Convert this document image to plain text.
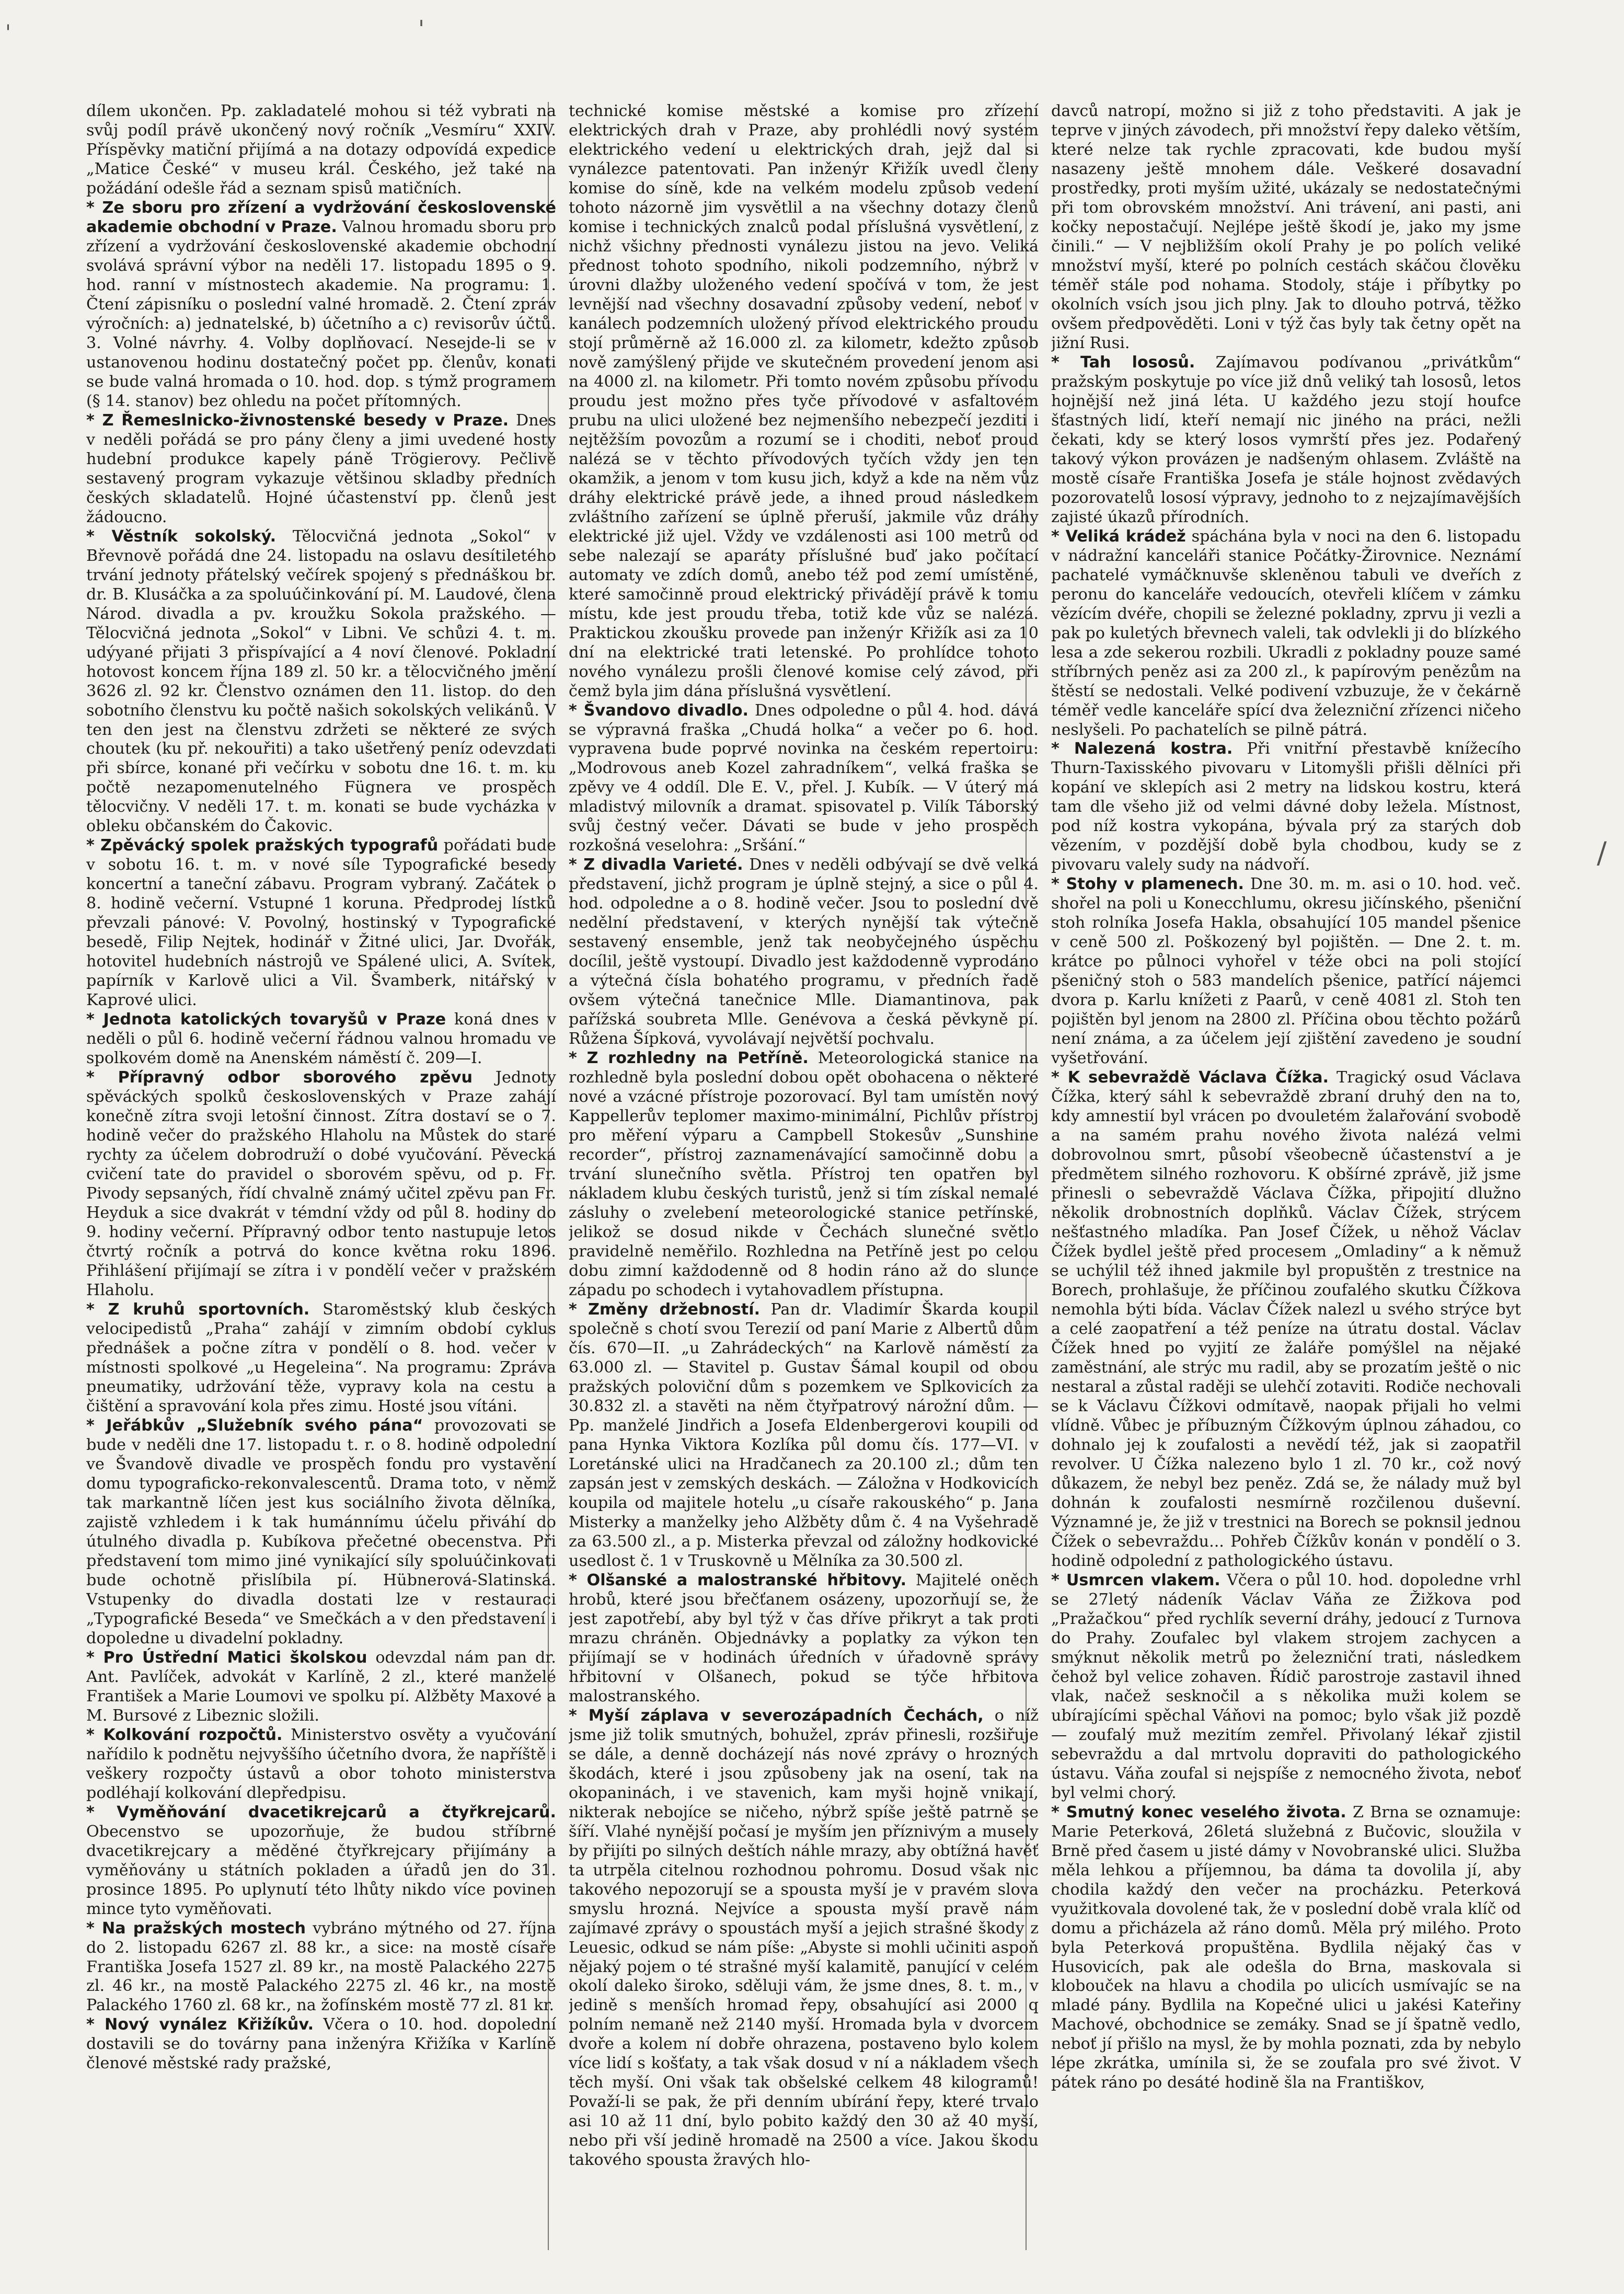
'	'
/

dílem ukončen. Pp. zakladatelé mohou si též vybrati na svůj podíl právě ukončený nový ročník „Vesmíru“ XXIV. Příspěvky matiční přijímá a na dotazy odpovídá expedice „Matice České“ v museu král. Českého, jež také na požádání odešle řád a seznam spisů matičních.

* Ze sboru pro zřízení a vydržování československé akademie obchodní v Praze. Valnou hromadu sboru pro zřízení a vydržování československé akademie obchodní svolává správní výbor na neděli 17. listopadu 1895 o 9. hod. ranní v místnostech akademie. Na programu: 1. Čtení zápisníku o poslední valné hromadě. 2. Čtení zpráv výročních: a) jednatelské, b) účetního a c) revisorův účtů. 3. Volné návrhy. 4. Volby doplňovací. Nesejde-li se v ustanovenou hodinu dostatečný počet pp. členův, konati se bude valná hromada o 10. hod. dop. s týmž programem (§ 14. stanov) bez ohledu na počet přítomných.

* Z Řemeslnicko-živnostenské besedy v Praze. Dnes v neděli pořádá se pro pány členy a jimi uvedené hosty hudební produkce kapely páně Trögierovy. Pečlivě sestavený program vykazuje většinou skladby předních českých skladatelů. Hojné účastenství pp. členů jest žádoucno.

* Věstník sokolský. Tělocvičná jednota „Sokol“ v Břevnově pořádá dne 24. listopadu na oslavu desítiletého trvání jednoty přátelský večírek spojený s přednáškou br. dr. B. Klusáčka a za spoluúčinkování pí. M. Laudové, člena Národ. divadla a pv. kroužku Sokola pražského. — Tělocvičná jednota „Sokol“ v Libni. Ve schůzi 4. t. m. udýyané přijati 3 přispívající a 4 noví členové. Pokladní hotovost koncem října 189 zl. 50 kr. a tělocvičného jmění 3626 zl. 92 kr. Členstvo oznámen den 11. listop. do den sobotního členstvu ku počtě našich sokolských velikánů. V ten den jest na členstvu zdržeti se některé ze svých choutek (ku př. nekouřiti) a tako ušetřený peníz odevzdati při sbírce, konané při večírku v sobotu dne 16. t. m. ku počtě nezapomenutelného Fügnera ve prospěch tělocvičny. V neděli 17. t. m. konati se bude vycházka v obleku občanském do Čakovic.

* Zpěvácký spolek pražských typografů pořádati bude v sobotu 16. t. m. v nové síle Typografické besedy koncertní a taneční zábavu. Program vybraný. Začátek o 8. hodině večerní. Vstupné 1 koruna. Předprodej lístků převzali pánové: V. Povolný, hostinský v Typografické besedě, Filip Nejtek, hodinář v Žitné ulici, Jar. Dvořák, hotovitel hudebních nástrojů ve Spálené ulici, A. Svítek, papírník v Karlově ulici a Vil. Švamberk, nitářský v Kaprové ulici.

* Jednota katolických tovaryšů v Praze koná dnes v neděli o půl 6. hodině večerní řádnou valnou hromadu ve spolkovém domě na Anenském náměstí č. 209—I.

* Přípravný odbor sborového zpěvu Jednoty spěváckých spolků československých v Praze zahájí konečně zítra svoji letošní činnost. Zítra dostaví se o 7. hodině večer do pražského Hlaholu na Můstek do staré rychty za účelem dobrodruží o dobé vyučování. Pěvecká cvičení tate do pravidel o sborovém spěvu, od p. Fr. Pivody sepsaných, řídí chvalně známý učitel zpěvu pan Fr. Heyduk a sice dvakrát v témdní vždy od půl 8. hodiny do 9. hodiny večerní. Přípravný odbor tento nastupuje letos čtvrtý ročník a potrvá do konce května roku 1896. Přihlášení přijímají se zítra i v pondělí večer v pražském Hlaholu.

* Z kruhů sportovních. Staroměstský klub českých velocipedistů „Praha“ zahájí v zimním období cyklus přednášek a počne zítra v pondělí o 8. hod. večer v místnosti spolkové „u Hegeleina“. Na programu: Zpráva pneumatiky, udržování těže, vypravy kola na cestu a čištění a spravování kola přes zimu. Hosté jsou vítáni.

* Jeřábkův „Služebník svého pána“ provozovati se bude v neděli dne 17. listopadu t. r. o 8. hodině odpolední ve Švandově divadle ve prospěch fondu pro vystavění domu typograficko-rekonvalescentů. Drama toto, v němž tak markantně líčen jest kus sociálního života dělníka, zajistě vzhledem i k tak humánnímu účelu přiváhí do útulného divadla p. Kubíkova přečetné obecenstva. Při představení tom mimo jiné vynikající síly spoluúčinkovati bude ochotně přislíbila pí. Hübnerová-Slatinská. Vstupenky do divadla dostati lze v restauraci „Typografické Beseda“ ve Smečkách a v den představení i dopoledne u divadelní pokladny.

* Pro Ústřední Matici školskou odevzdal nám pan dr. Ant. Pavlíček, advokát v Karlíně, 2 zl., které manželé František a Marie Loumovi ve spolku pí. Alžběty Maxové a M. Bursové z Libeznic složili.

* Kolkování rozpočtů. Ministerstvo osvěty a vyučování nařídilo k podnětu nejvyššího účetního dvora, že napříště i veškery rozpočty ústavů a obor tohoto ministerstva podléhají kolkování dlepředpisu.

* Vyměňování dvacetikrejcarů a čtyřkrejcarů. Obecenstvo se upozorňuje, že budou stříbrné dvacetikrejcary a měděné čtyřkrejcary přijímány a vyměňovány u státních pokladen a úřadů jen do 31. prosince 1895. Po uplynutí této lhůty nikdo více povinen mince tyto vyměňovati.

* Na pražských mostech vybráno mýtného od 27. října do 2. listopadu 6267 zl. 88 kr., a sice: na mostě císaře Františka Josefa 1527 zl. 89 kr., na mostě Palackého 2275 zl. 46 kr., na mostě Palackého 2275 zl. 46 kr., na mostě Palackého 1760 zl. 68 kr., na žofínském mostě 77 zl. 81 kr.

* Nový vynález Křižíkův. Včera o 10. hod. dopolední dostavili se do továrny pana inženýra Křižíka v Karlíně členové městské rady pražské,

technické komise městské a komise pro zřízení elektrických drah v Praze, aby prohlédli nový systém elektrického vedení u elektrických drah, jejž dal si vynálezce patentovati. Pan inženýr Křižík uvedl členy komise do síně, kde na velkém modelu způsob vedení tohoto názorně jim vysvětlil a na všechny dotazy členů komise i technických znalců podal příslušná vysvětlení, z nichž všichny přednosti vynálezu jistou na jevo. Veliká přednost tohoto spodního, nikoli podzemního, nýbrž v úrovni dlažby uloženého vedení spočívá v tom, že jest levnější nad všechny dosavadní způsoby vedení, neboť v kanálech podzemních uložený přívod elektrického proudu stojí průměrně až 16.000 zl. za kilometr, kdežto způsob nově zamýšlený přijde ve skutečném provedení jenom asi na 4000 zl. na kilometr. Při tomto novém způsobu přívodu proudu jest možno přes tyče přívodové v asfaltovém prubu na ulici uložené bez nejmenšího nebezpečí jezditi i nejtěžším povozům a rozumí se i choditi, neboť proud nalézá se v těchto přívodových tyčích vždy jen ten okamžik, a jenom v tom kusu jich, když a kde na něm vůz dráhy elektrické právě jede, a ihned proud následkem zvláštního zařízení se úplně přeruší, jakmile vůz dráhy elektrické již ujel. Vždy ve vzdálenosti asi 100 metrů od sebe nalezají se aparáty příslušné buď jako počítací automaty ve zdích domů, anebo též pod zemí umístěné, které samočinně proud elektrický přivádějí právě k tomu místu, kde jest proudu třeba, totiž kde vůz se nalézá. Praktickou zkoušku provede pan inženýr Křižík asi za 10 dní na elektrické trati letenské. Po prohlídce tohoto nového vynálezu prošli členové komise celý závod, při čemž byla jim dána příslušná vysvětlení.

* Švandovo divadlo. Dnes odpoledne o půl 4. hod. dává se výpravná fraška „Chudá holka“ a večer po 6. hod. vypravena bude poprvé novinka na českém repertoiru: „Modrovous aneb Kozel zahradníkem“, velká fraška se zpěvy ve 4 oddíl. Dle E. V., přel. J. Kubík. — V úterý má mladistvý milovník a dramat. spisovatel p. Vilík Táborský svůj čestný večer. Dávati se bude v jeho prospěch rozkošná veselohra: „Sršání.“

* Z divadla Varieté. Dnes v neděli odbývají se dvě velká představení, jichž program je úplně stejný, a sice o půl 4. hod. odpoledne a o 8. hodině večer. Jsou to poslední dvě nedělní představení, v kterých nynější tak výtečně sestavený ensemble, jenž tak neobyčejného úspěchu docílil, ještě vystoupí. Divadlo jest každodenně vyprodáno a výtečná čísla bohatého programu, v předních řadě ovšem výtečná tanečnice Mlle. Diamantinova, pak pařížská soubreta Mlle. Genévova a česká pěvkyně pí. Růžena Šípková, vyvolávají největší pochvalu.

* Z rozhledny na Petříně. Meteorologická stanice na rozhledně byla poslední dobou opět obohacena o některé nové a vzácné přístroje pozorovací. Byl tam umístěn nový Kappellerův teplomer maximo-minimální, Pichlův přístroj pro měření výparu a Campbell Stokesův „Sunshine recorder“, přístroj zaznamenávající samočinně dobu a trvání slunečního světla. Přístroj ten opatřen byl nákladem klubu českých turistů, jenž si tím získal nemalé zásluhy o zvelebení meteorologické stanice petřínské, jelikož se dosud nikde v Čechách slunečné světlo pravidelně neměřilo. Rozhledna na Petříně jest po celou dobu zimní každodenně od 8 hodin ráno až do slunce západu po schodech i vytahovadlem přístupna.

* Změny držebností. Pan dr. Vladimír Škarda koupil společně s chotí svou Terezií od paní Marie z Albertů dům čís. 670—II. „u Zahrádeckých“ na Karlově náměstí za 63.000 zl. — Stavitel p. Gustav Šámal koupil od obou pražských poloviční dům s pozemkem ve Splkovicích za 30.832 zl. a stavěti na něm čtyřpatrový nárožní dům. — Pp. manželé Jindřich a Josefa Eldenbergerovi koupili od pana Hynka Viktora Kozlíka půl domu čís. 177—VI. v Loretánské ulici na Hradčanech za 20.100 zl.; dům ten zapsán jest v zemských deskách. — Záložna v Hodkovicích koupila od majitele hotelu „u císaře rakouského“ p. Jana Misterky a manželky jeho Alžběty dům č. 4 na Vyšehradě za 63.500 zl., a p. Misterka převzal od záložny hodkovické usedlost č. 1 v Truskovně u Mělníka za 30.500 zl.

* Olšanské a malostranské hřbitovy. Majitelé oněch hrobů, které jsou břečťanem osázeny, upozorňují se, že jest zapotřebí, aby byl týž v čas dříve přikryt a tak proti mrazu chráněn. Objednávky a poplatky za výkon ten přijímají se v hodinách úředních v úřadovně správy hřbitovní v Olšanech, pokud se týče hřbitova malostranského.

* Myší záplava v severozápadních Čechách, o níž jsme již tolik smutných, bohužel, zpráv přinesli, rozšiřuje se dále, a denně docházejí nás nové zprávy o hrozných škodách, které i jsou způsobeny jak na osení, tak na okopaninách, i ve stavenich, kam myši hojně vnikají, nikterak nebojíce se ničeho, nýbrž spíše ještě patrně se šíří. Vlahé nynější počasí je myším jen příznivým a musely by přijíti po silných deštích náhle mrazy, aby obtížná havěť ta utrpěla citelnou rozhodnou pohromu. Dosud však nic takového nepozorují se a spousta myší je v pravém slova smyslu hrozná. Nejvíce a spousta myší pravě nám zajímavé zprávy o spoustách myší a jejich strašné škody z Leuesic, odkud se nám píše: „Abyste si mohli učiniti aspoň nějaký pojem o té strašné myší kalamitě, panující v celém okolí daleko široko, sděluji vám, že jsme dnes, 8. t. m., v jedině s menších hromad řepy, obsahující asi 2000 q polním nemaně než 2140 myší. Hromada byla v dvorcem dvoře a kolem ní dobře ohrazena, postaveno bylo kolem více lidí s košťaty, a tak však dosud v ní a nákladem všech těch myší. Oni však tak obšelské celkem 48 kilogramů! Považí-li se pak, že při denním ubírání řepy, které trvalo asi 10 až 11 dní, bylo pobito každý den 30 až 40 myší, nebo při vší jedině hromadě na 2500 a více. Jakou škodu takového spousta žravých hlo-

davců natropí, možno si již z toho představiti. A jak je teprve v jiných závodech, při množství řepy daleko větším, které nelze tak rychle zpracovati, kde budou myší nasazeny ještě mnohem dále. Veškeré dosavadní prostředky, proti myším užité, ukázaly se nedostatečnými při tom obrovském množství. Ani trávení, ani pasti, ani kočky nepostačují. Nejlépe ještě škodí je, jako my jsme činili.“ — V nejbližším okolí Prahy je po polích veliké množství myší, které po polních cestách skáčou člověku téměř stále pod nohama. Stodoly, stáje i příbytky po okolních vsích jsou jich plny. Jak to dlouho potrvá, těžko ovšem předpověděti. Loni v týž čas byly tak četny opět na jižní Rusi.

* Tah lososů. Zajímavou podívanou „privátkům“ pražským poskytuje po více již dnů veliký tah lososů, letos hojnější než jiná léta. U každého jezu stojí houfce šťastných lidí, kteří nemají nic jiného na práci, nežli čekati, kdy se který losos vymrští přes jez. Podařený takový výkon provázen je nadšeným ohlasem. Zvláště na mostě císaře Františka Josefa je stále hojnost zvědavých pozorovatelů lososí výpravy, jednoho to z nejzajímavějších zajisté úkazů přírodních.

* Veliká krádež spáchána byla v noci na den 6. listopadu v nádražní kanceláři stanice Počátky-Žirovnice. Neznámí pachatelé vymáčknuvše skleněnou tabuli ve dveřích z peronu do kanceláře vedoucích, otevřeli klíčem v zámku vězícím dvéře, chopili se železné pokladny, zprvu ji vezli a pak po kuletých břevnech valeli, tak odvlekli ji do blízkého lesa a zde sekerou rozbili. Ukradli z pokladny pouze samé stříbrných peněz asi za 200 zl., k papírovým penězům na štěstí se nedostali. Velké podivení vzbuzuje, že v čekárně téměř vedle kanceláře spící dva železniční zřízenci ničeho neslyšeli. Po pachatelích se pilně pátrá.

* Nalezená kostra. Při vnitřní přestavbě knížecího Thurn-Taxisského pivovaru v Litomyšli přišli dělníci při kopání ve sklepích asi 2 metry na lidskou kostru, která tam dle všeho již od velmi dávné doby ležela. Místnost, pod níž kostra vykopána, bývala prý za starých dob vězením, v pozdější době byla chodbou, kudy se z pivovaru valely sudy na nádvoří.

* Stohy v plamenech. Dne 30. m. m. asi o 10. hod. več. shořel na poli u Konecchlumu, okresu jičínského, pšeniční stoh rolníka Josefa Hakla, obsahující 105 mandel pšenice v ceně 500 zl. Poškozený byl pojištěn. — Dne 2. t. m. krátce po půlnoci vyhořel v téže obci na poli stojící pšeničný stoh o 583 mandelích pšenice, patřící nájemci dvora p. Karlu knížeti z Paarů, v ceně 4081 zl. Stoh ten pojištěn byl jenom na 2800 zl. Příčina obou těchto požárů není známa, a za účelem její zjištění zavedeno je soudní vyšetřování.

* K sebevraždě Václava Čížka. Tragický osud Václava Čížka, který sáhl k sebevraždě zbraní druhý den na to, kdy amnestií byl vrácen po dvouletém žalařování svobodě a na samém prahu nového života nalézá velmi dobrovolnou smrt, působí všeobecně účastenství a je předmětem silného rozhovoru. K obšírné zprávě, již jsme přinesli o sebevraždě Václava Čížka, připojití dlužno několik drobnostních doplňků. Václav Čížek, strýcem nešťastného mladíka. Pan Josef Čížek, u něhož Václav Čížek bydlel ještě před procesem „Omladiny“ a k němuž se uchýlil též ihned jakmile byl propuštěn z trestnice na Borech, prohlašuje, že příčinou zoufalého skutku Čížkova nemohla býti bída. Václav Čížek nalezl u svého strýce byt a celé zaopatření a též peníze na útratu dostal. Václav Čížek hned po vyjití ze žaláře pomýšlel na nějaké zaměstnání, ale strýc mu radil, aby se prozatím ještě o nic nestaral a zůstal raději se ulehčí zotaviti. Rodiče nechovali se k Václavu Čížkovi odmítavě, naopak přijali ho velmi vlídně. Vůbec je příbuzným Čížkovým úplnou záhadou, co dohnalo jej k zoufalosti a nevědí též, jak si zaopatřil revolver. U Čížka nalezeno bylo 1 zl. 70 kr., což nový důkazem, že nebyl bez peněz. Zdá se, že nálady muž byl dohnán k zoufalosti nesmírně rozčilenou duševní. Významné je, že již v trestnici na Borech se poknsil jednou Čížek o sebevraždu... Pohřeb Čížkův konán v pondělí o 3. hodině odpolední z pathologického ústavu.

* Usmrcen vlakem. Včera o půl 10. hod. dopoledne vrhl se 27letý nádeník Václav Váňa ze Žižkova pod „Pražačkou“ před rychlík severní dráhy, jedoucí z Turnova do Prahy. Zoufalec byl vlakem strojem zachycen a smýknut několik metrů po železniční trati, následkem čehož byl velice zohaven. Řídič parostroje zastavil ihned vlak, načež sesknočil a s několika muži kolem se ubírajícími spěchal Váňovi na pomoc; bylo však již pozdě — zoufalý muž mezitím zemřel. Přivolaný lékař zjistil sebevraždu a dal mrtvolu dopraviti do pathologického ústavu. Váňa zoufal si nejspíše z nemocného života, neboť byl velmi chorý.

* Smutný konec veselého života. Z Brna se oznamuje: Marie Peterková, 26letá služebná z Bučovic, sloužila v Brně před časem u jisté dámy v Novobranské ulici. Služba měla lehkou a příjemnou, ba dáma ta dovolila jí, aby chodila každý den večer na procházku. Peterková využitkovala dovolené tak, že v poslední době vrala klíč od domu a přicházela až ráno domů. Měla prý milého. Proto byla Peterková propuštěna. Bydlila nějaký čas v Husovicích, pak ale odešla do Brna, maskovala si klobouček na hlavu a chodila po ulicích usmívajíc se na mladé pány. Bydlila na Kopečné ulici u jakési Kateřiny Machové, obchodnice se zemáky. Snad se jí špatně vedlo, neboť jí přišlo na mysl, že by mohla poznati, zda by nebylo lépe zkrátka, umínila si, že se zoufala pro své život. V pátek ráno po desáté hodině šla na Františkov,
